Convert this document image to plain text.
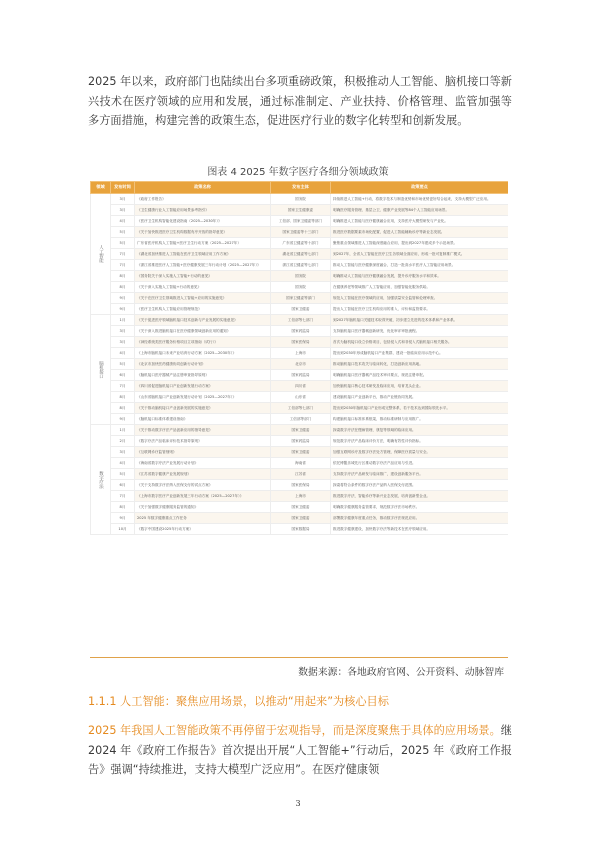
2025 年以来，政府部门也陆续出台多项重磅政策，积极推动人工智能、脑机接口等新兴技术在医疗领域的应用和发展，通过标准制定、产业扶持、价格管理、监管加强等多方面措施，构建完善的政策生态，促进医疗行业的数字化转型和创新发展。

图表 4 2025 年数字医疗各细分领域政策
领域	发布时间	政策名称	发布主体	政策要点
人工智能	3月	《政府工作报告》	国务院	持续推进人工智能+行动，将数字技术与制造优势和市场优势更好结合起来，支持大模型广泛应用。
	3月	《卫生健康行业人工智能应用场景参考指引》	国家卫生健康委	明确医疗服务管理、基层公卫、健康产业发展等84个人工智能应用场景。
	4月	《医疗卫生机构智能化建设指南（2025—2030年）》	工信部、国家卫健委等部门	明确推进人工智能与医疗健康融合应用，支持医疗大模型研发与产业化。
	5月	《关于加快推进医疗卫生机构数据有序开放的指导意见》	国家卫健委等十三部门	推进医疗数据要素市场化配置，促进人工智能辅助诊疗等新业态发展。
	5月	广东省医疗机构人工智能+医疗卫生行动方案（2025—2027年）	广东省卫健委等十部门	聚焦重点领域推进人工智能深度融合应用，提出到2027年建成多个示范场景。
	7月	《湖北省加快推进人工智能在医疗卫生领域应用工作方案》	湖北省卫健委等七部门	到2027年，全省人工智能在医疗卫生各领域全面应用，形成一批可复制推广模式。
	7月	《浙江省推进医疗人工智能+医疗健康发展三年行动计划（2025—2027年）》	浙江省卫健委等七部门	推动人工智能与医疗健康深度融合，打造一批高水平医疗人工智能应用场景。
	8月	《国务院关于深入实施人工智能+行动的意见》	国务院	明确推动人工智能与医疗健康融合发展，提升诊疗服务水平和效率。
	8月	《关于深入实施人工智能+行动的意见》	国务院	在健康养老等领域推广人工智能应用，加强智能化服务供给。
	9月	《关于在医疗卫生领域推进人工智能+应用的实施意见》	国家卫健委等部门	规范人工智能在医疗领域的应用，加强质量安全监管和伦理审查。
	9月	《医疗卫生机构人工智能应用管理规范》	国家卫健委	提出人工智能在医疗卫生机构应用的准入、评价和监管要求。
脑机接口	1月	《关于促进医疗领域脑机接口技术创新与产业发展的实施意见》	工信部等七部门	到2027年脑机接口关键技术取得突破，初步建立先进的技术体系和产业体系。
	3月	《关于深入推进脑机接口在医疗健康领域创新应用的通知》	国家药监局	支持脑机接口医疗器械创新研发，优化审评审批流程。
	3月	《神经系统类医疗服务价格项目立项指南（试行）》	国家医保局	首次为脑机接口设立价格项目，包括侵入式和非侵入式脑机接口相关服务。
	4月	《上海市脑机接口未来产业培育行动方案（2025—2030年）》	上海市	提出到2030年形成脑机接口产业集群，建设一批临床应用示范中心。
	5月	《北京市加快医药健康协同创新行动计划》	北京市	推动脑机接口技术攻关与临床转化，打造创新应用高地。
	6月	《脑机接口医疗器械产品注册审查指导原则》	国家药监局	明确脑机接口医疗器械产品技术审评要点，规范注册申报。
	7月	《四川省促进脑机接口产业创新发展行动方案》	四川省	加快脑机接口核心技术研发及临床应用，培育龙头企业。
	8月	《山东省脑机接口产业创新发展行动计划（2025—2027年）》	山东省	建设脑机接口产业创新平台，推动产业链协同发展。
	8月	《关于推动脑机接口产业创新发展的实施意见》	工信部等七部门	提出到2030年脑机接口产业形成完整体系，若干技术达到国际领先水平。
	9月	《脑机接口标准体系建设指南》	工信部等部门	构建脑机接口标准体系框架，推动标准研制与应用推广。
数字疗法	1月	《关于推动数字疗法产品创新应用的指导意见》	国家卫健委	探索数字疗法在慢病管理、康复等领域的临床应用。
	2月	《数字疗法产品临床评价技术指导原则》	国家药监局	规范数字疗法产品临床评价方法，明确有效性评价指标。
	3月	《互联网诊疗监管细则》	国家卫健委	加强互联网诊疗及数字疗法处方管理，保障医疗质量与安全。
	4月	《海南省数字疗法产业发展行动计划》	海南省	依托博鳌乐城先行区推动数字疗法产品应用与引进。
	5月	《江苏省数字健康产业发展规划》	江苏省	支持数字疗法产品研发与临床推广，建设创新服务平台。
	6月	《关于支持数字疗法纳入医保支付的试点方案》	国家医保局	探索将符合条件的数字疗法产品纳入医保支付范围。
	7月	《上海市数字医疗产业创新发展三年行动方案（2025—2027年）》	上海市	推进数字疗法、智能诊疗等新兴业态发展，培育创新型企业。
	8月	《关于加强数字健康服务监管的通知》	国家卫健委	明确数字健康服务监管要求，规范数字疗法市场秩序。
	9月	2025 年数字健康重点工作任务	国家卫健委	部署数字健康年度重点任务，推动数字疗法规范应用。
	10月	《数字中国建设2025年行动方案》	国家数据局	推进数字健康建设，加快数字疗法等新技术在医疗领域应用。
数据来源：各地政府官网、公开资料、动脉智库
1.1.1 人工智能：聚焦应用场景，以推动“用起来”为核心目标

2025 年我国人工智能政策不再停留于宏观指导，而是深度聚焦于具体的应用场景。继 2024 年《政府工作报告》首次提出开展“人工智能+”行动后，2025 年《政府工作报告》强调“持续推进，支持大模型广泛应用”。在医疗健康领

3
